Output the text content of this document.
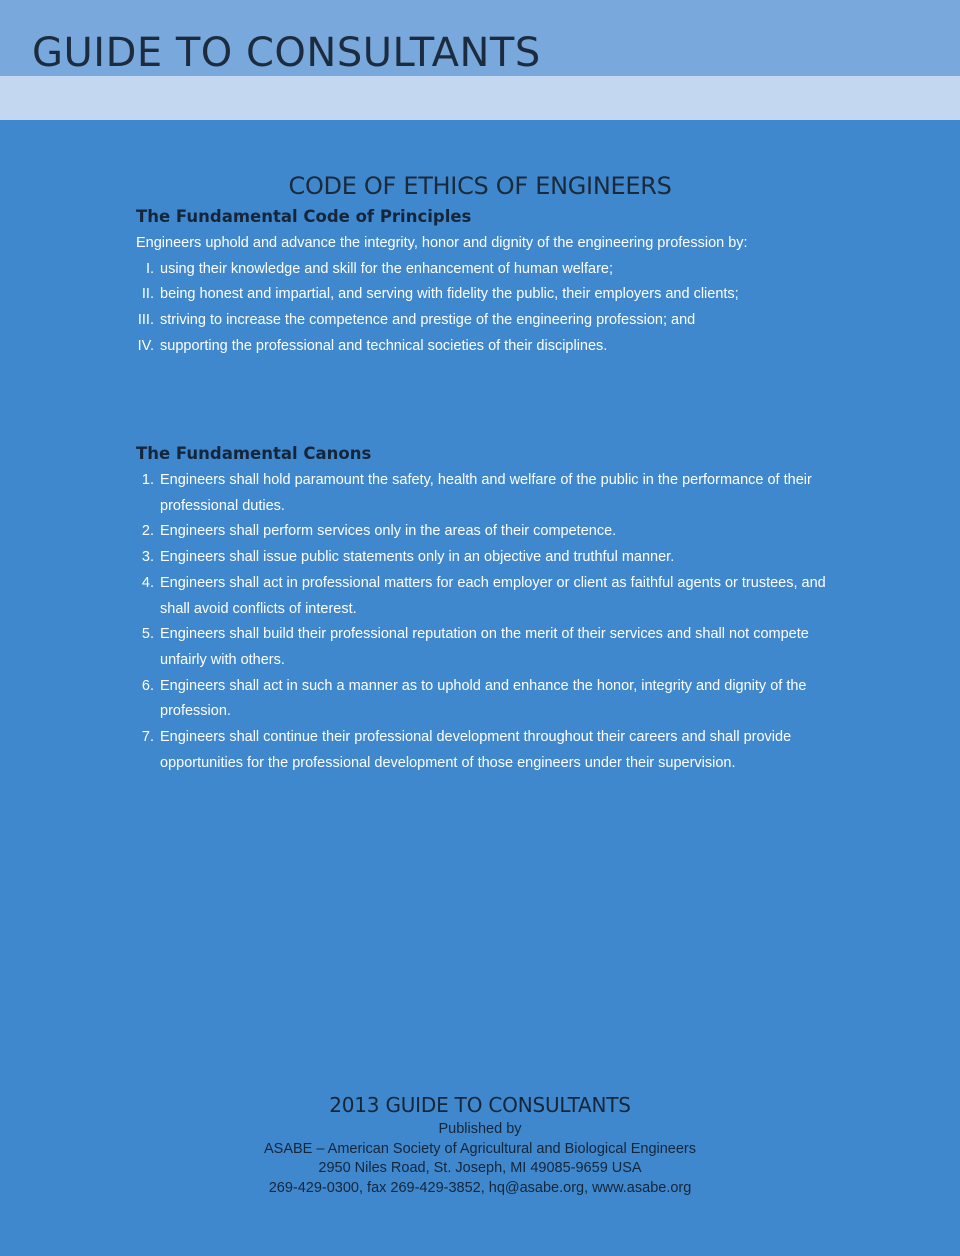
GUIDE TO CONSULTANTS
CODE OF ETHICS OF ENGINEERS
The Fundamental Code of Principles

Engineers uphold and advance the integrity, honor and dignity of the engineering profession by:

I. using their knowledge and skill for the enhancement of human welfare;
II. being honest and impartial, and serving with fidelity the public, their employers and clients;
III. striving to increase the competence and prestige of the engineering profession; and
IV. supporting the professional and technical societies of their disciplines.
The Fundamental Canons
1. Engineers shall hold paramount the safety, health and welfare of the public in the performance of their professional duties.
2. Engineers shall perform services only in the areas of their competence.
3. Engineers shall issue public statements only in an objective and truthful manner.
4. Engineers shall act in professional matters for each employer or client as faithful agents or trustees, and shall avoid conflicts of interest.
5. Engineers shall build their professional reputation on the merit of their services and shall not compete unfairly with others.
6. Engineers shall act in such a manner as to uphold and enhance the honor, integrity and dignity of the profession.
7. Engineers shall continue their professional development throughout their careers and shall provide opportunities for the professional development of those engineers under their supervision.
2013 GUIDE TO CONSULTANTS

Published by

ASABE – American Society of Agricultural and Biological Engineers

2950 Niles Road, St. Joseph, MI 49085-9659 USA

269-429-0300, fax 269-429-3852, hq@asabe.org, www.asabe.org
